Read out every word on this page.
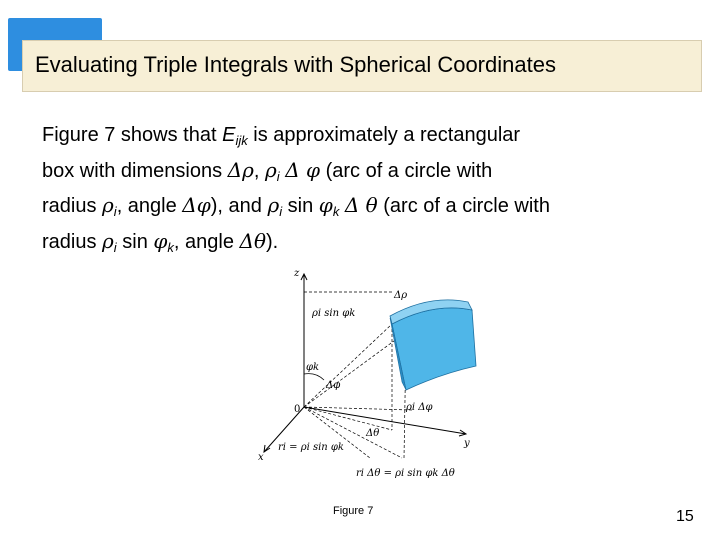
Evaluating Triple Integrals with Spherical Coordinates

Figure 7 shows that $E_{ijk}$ is approximately a rectangular

box with dimensions Δρ, $\rho_i$ Δ φ (arc of a circle with

radius $\rho_i$, angle Δφ), and $\rho_i$ $\sin \varphi_k$ Δ θ (arc of a circle with

radius $\rho_i$ $\sin \varphi_k$, angle Δθ).

z
y
x
0
Δρ
ρi sin φk
φk
Δφ
ρi Δφ
Δθ
ri = ρi sin φk
ri Δθ = ρi sin φk Δθ
Figure 7	15
